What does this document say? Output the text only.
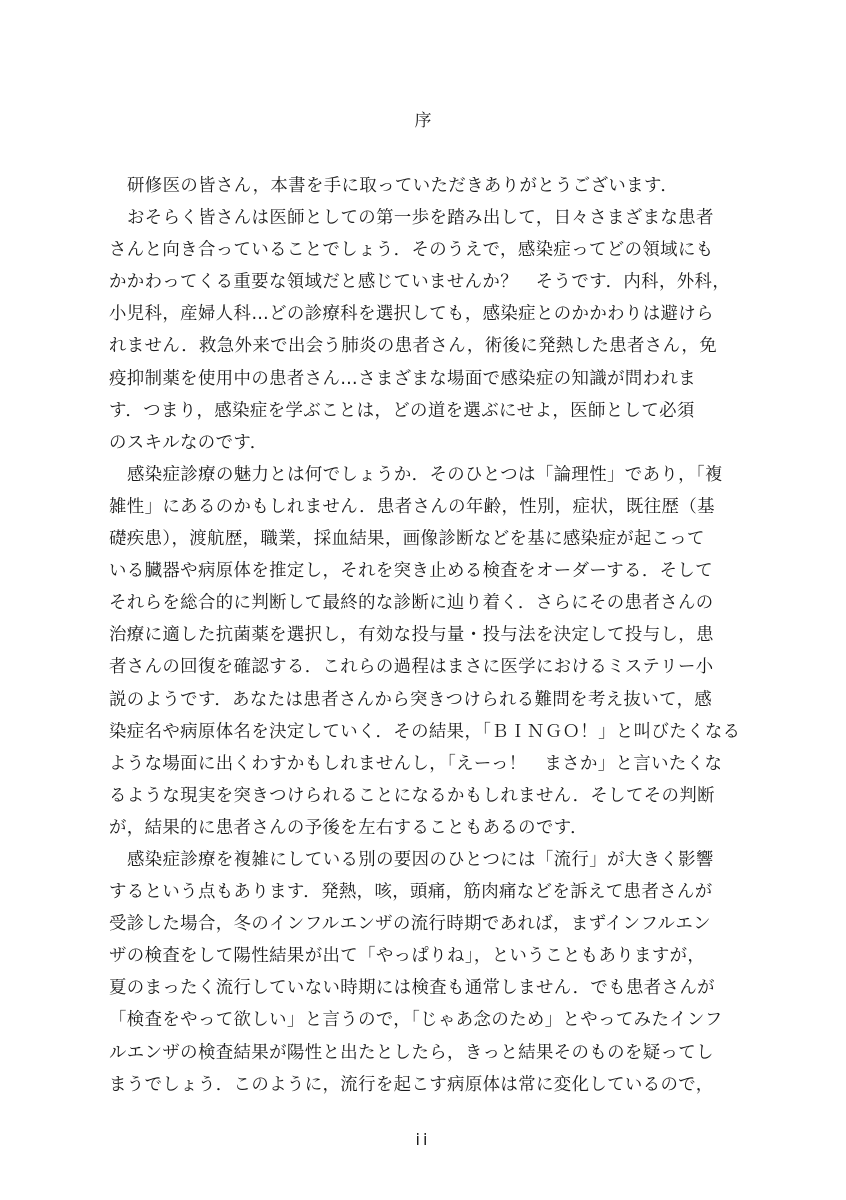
序
研修医の皆さん，本書を手に取っていただきありがとうございます．
おそらく皆さんは医師としての第一歩を踏み出して，日々さまざまな患者
さんと向き合っていることでしょう．そのうえで，感染症ってどの領域にも
かかわってくる重要な領域だと感じていませんか？　そうです．内科，外科，
小児科，産婦人科…どの診療科を選択しても，感染症とのかかわりは避けら
れません．救急外来で出会う肺炎の患者さん，術後に発熱した患者さん，免
疫抑制薬を使用中の患者さん…さまざまな場面で感染症の知識が問われま
す．つまり，感染症を学ぶことは，どの道を選ぶにせよ，医師として必須
のスキルなのです．
感染症診療の魅力とは何でしょうか．そのひとつは「論理性」であり，「複
雑性」にあるのかもしれません．患者さんの年齢，性別，症状，既往歴（基
礎疾患），渡航歴，職業，採血結果，画像診断などを基に感染症が起こって
いる臓器や病原体を推定し，それを突き止める検査をオーダーする．そして
それらを総合的に判断して最終的な診断に辿り着く．さらにその患者さんの
治療に適した抗菌薬を選択し，有効な投与量・投与法を決定して投与し，患
者さんの回復を確認する．これらの過程はまさに医学におけるミステリー小
説のようです．あなたは患者さんから突きつけられる難問を考え抜いて，感
染症名や病原体名を決定していく．その結果，「ＢＩＮＧＯ！」と叫びたくなる
ような場面に出くわすかもしれませんし，「えーっ！　まさか」と言いたくな
るような現実を突きつけられることになるかもしれません．そしてその判断
が，結果的に患者さんの予後を左右することもあるのです．
感染症診療を複雑にしている別の要因のひとつには「流行」が大きく影響
するという点もあります．発熱，咳，頭痛，筋肉痛などを訴えて患者さんが
受診した場合，冬のインフルエンザの流行時期であれば，まずインフルエン
ザの検査をして陽性結果が出て「やっぱりね」，ということもありますが，
夏のまったく流行していない時期には検査も通常しません．でも患者さんが
「検査をやって欲しい」と言うので，「じゃあ念のため」とやってみたインフ
ルエンザの検査結果が陽性と出たとしたら，きっと結果そのものを疑ってし
まうでしょう．このように，流行を起こす病原体は常に変化しているので，
ii
